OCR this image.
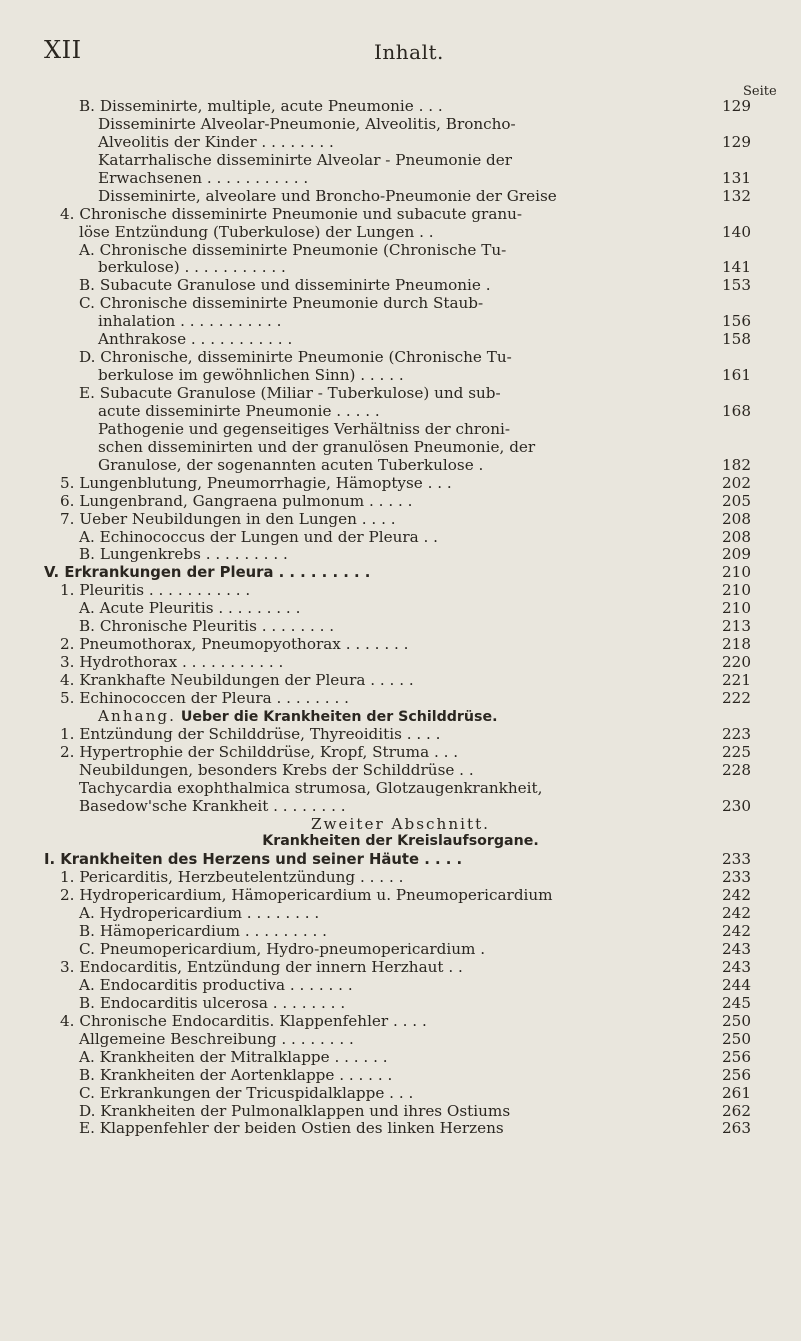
XII	Inhalt.
Seite
B. Disseminirte, multiple, acute Pneumonie . . .	129
Disseminirte Alveolar-Pneumonie, Alveolitis, Broncho-
Alveolitis der Kinder . . . . . . . .	129
Katarrhalische disseminirte Alveolar - Pneumonie der
Erwachsenen . . . . . . . . . . .	131
Disseminirte, alveolare und Broncho-Pneumonie der Greise	132
4. Chronische disseminirte Pneumonie und subacute granu-
löse Entzündung (Tuberkulose) der Lungen . .	140
A. Chronische disseminirte Pneumonie (Chronische Tu-
berkulose) . . . . . . . . . . .	141
B. Subacute Granulose und disseminirte Pneumonie .	153
C. Chronische disseminirte Pneumonie durch Staub-
inhalation . . . . . . . . . . .	156
Anthrakose . . . . . . . . . . .	158
D. Chronische, disseminirte Pneumonie (Chronische Tu-
berkulose im gewöhnlichen Sinn) . . . . .	161
E. Subacute Granulose (Miliar - Tuberkulose) und sub-
acute disseminirte Pneumonie . . . . .	168
Pathogenie und gegenseitiges Verhältniss der chroni-
schen disseminirten und der granulösen Pneumonie, der
Granulose, der sogenannten acuten Tuberkulose .	182
5. Lungenblutung, Pneumorrhagie, Hämoptyse . . .	202
6. Lungenbrand, Gangraena pulmonum . . . . .	205
7. Ueber Neubildungen in den Lungen . . . .	208
A. Echinococcus der Lungen und der Pleura . .	208
B. Lungenkrebs . . . . . . . . .	209
V. Erkrankungen der Pleura . . . . . . . . .	210
1. Pleuritis . . . . . . . . . . .	210
A. Acute Pleuritis . . . . . . . . .	210
B. Chronische Pleuritis . . . . . . . .	213
2. Pneumothorax, Pneumopyothorax . . . . . . .	218
3. Hydrothorax . . . . . . . . . . .	220
4. Krankhafte Neubildungen der Pleura . . . . .	221
5. Echinococcen der Pleura . . . . . . . .	222
Anhang. Ueber die Krankheiten der Schilddrüse.
1. Entzündung der Schilddrüse, Thyreoiditis . . . .	223
2. Hypertrophie der Schilddrüse, Kropf, Struma . . .	225
Neubildungen, besonders Krebs der Schilddrüse . .	228
Tachycardia exophthalmica strumosa, Glotzaugenkrankheit,
Basedow'sche Krankheit . . . . . . . .	230
Zweiter Abschnitt.
Krankheiten der Kreislaufsorgane.
I. Krankheiten des Herzens und seiner Häute . . . .	233
1. Pericarditis, Herzbeutelentzündung . . . . .	233
2. Hydropericardium, Hämopericardium u. Pneumopericardium	242
A. Hydropericardium . . . . . . . .	242
B. Hämopericardium . . . . . . . . .	242
C. Pneumopericardium, Hydro-pneumopericardium .	243
3. Endocarditis, Entzündung der innern Herzhaut . .	243
A. Endocarditis productiva . . . . . . .	244
B. Endocarditis ulcerosa . . . . . . . .	245
4. Chronische Endocarditis. Klappenfehler . . . .	250
Allgemeine Beschreibung . . . . . . . .	250
A. Krankheiten der Mitralklappe . . . . . .	256
B. Krankheiten der Aortenklappe . . . . . .	256
C. Erkrankungen der Tricuspidalklappe . . .	261
D. Krankheiten der Pulmonalklappen und ihres Ostiums	262
E. Klappenfehler der beiden Ostien des linken Herzens	263
